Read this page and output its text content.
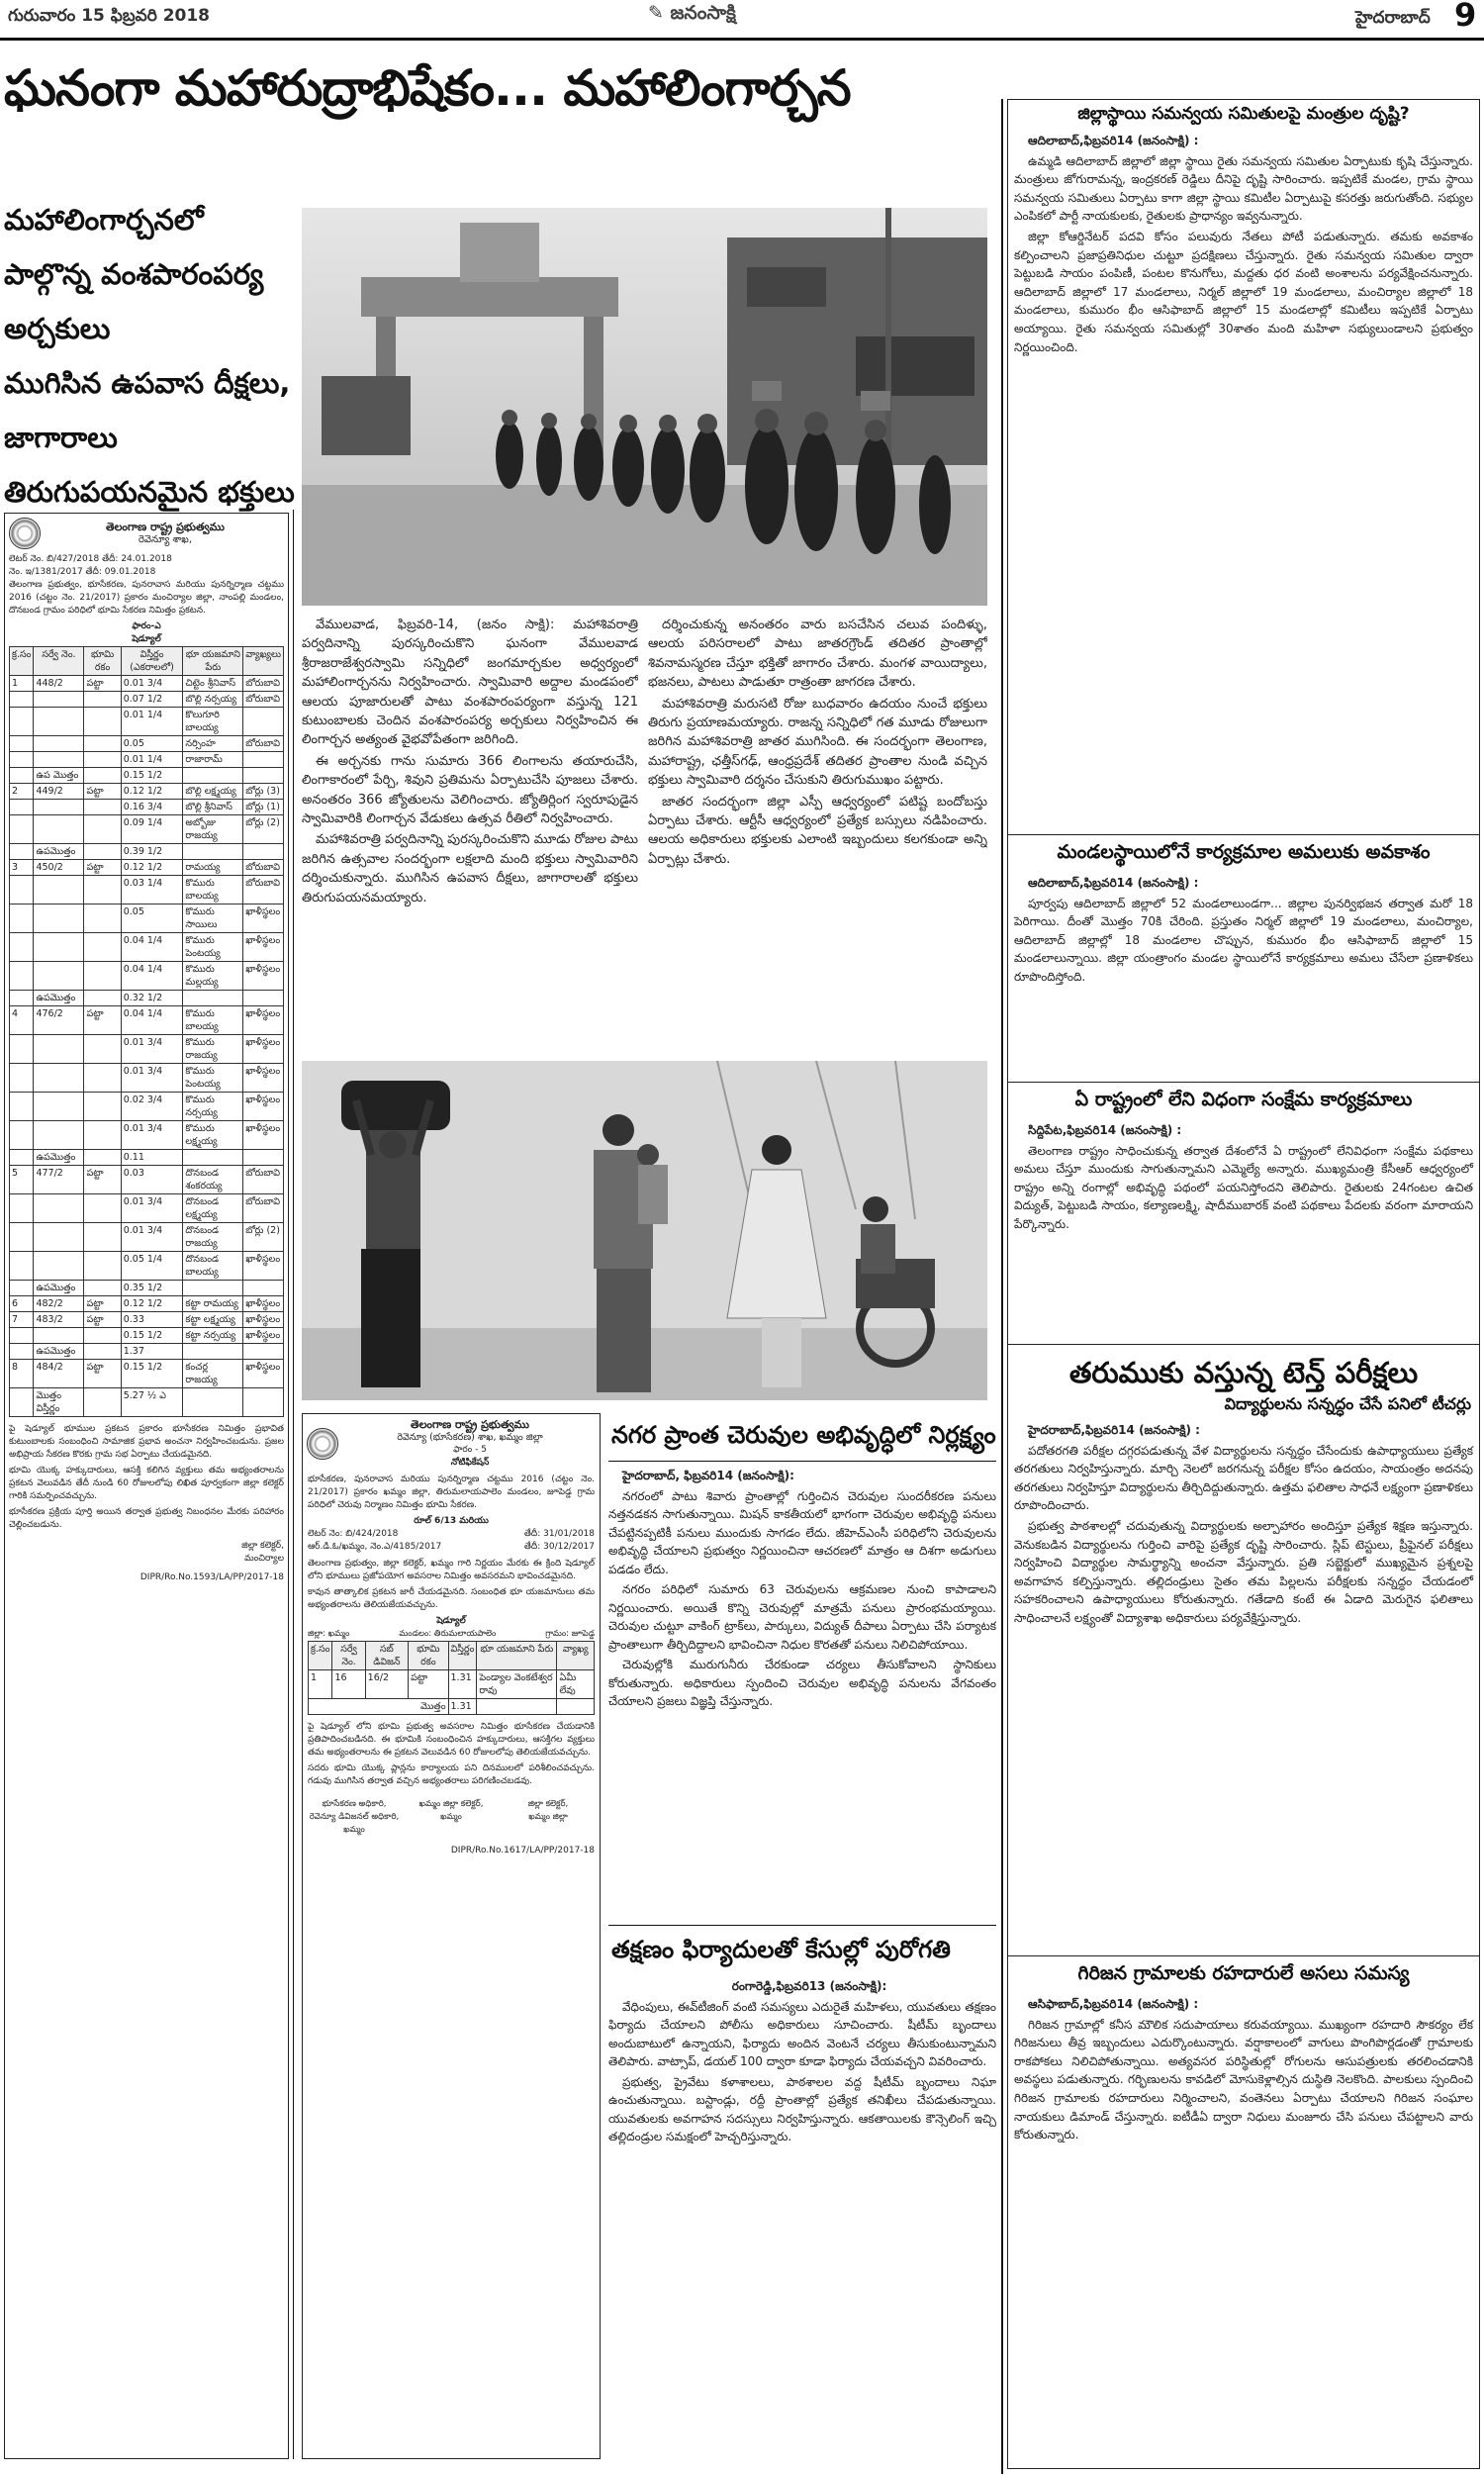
గురువారం 15 ఫిబ్రవరి 2018	✎ జనంసాక్షి	హైదరాబాద్ 9
ఘనంగా మహారుద్రాభిషేకం... మహాలింగార్చన
మహాలింగార్చనలో
పాల్గొన్న వంశపారంపర్య
అర్చకులు
ముగిసిన ఉపవాస దీక్షలు,
జాగారాలు
తిరుగుపయనమైన భక్తులు

వేములవాడ, ఫిబ్రవరి-14, (జనం సాక్షి): మహాశివరాత్రి పర్వదినాన్ని పురస్కరించుకొని ఘనంగా వేములవాడ శ్రీరాజరాజేశ్వరస్వామి సన్నిధిలో జంగమార్చకుల అధ్వర్యంలో మహాలింగార్చనను నిర్వహించారు. స్వామివారి అద్దాల మండపంలో ఆలయ పూజారులతో పాటు వంశపారంపర్యంగా వస్తున్న 121 కుటుంబాలకు చెందిన వంశపారంపర్య అర్చకులు నిర్వహించిన ఈ లింగార్చన అత్యంత వైభవోపేతంగా జరిగింది.

ఈ అర్చనకు గాను సుమారు 366 లింగాలను తయారుచేసి, లింగాకారంలో పేర్చి, శివుని ప్రతిమను ఏర్పాటుచేసి పూజలు చేశారు. అనంతరం 366 జ్యోతులను వెలిగించారు. జ్యోతిర్లింగ స్వరూపుడైన స్వామివారికి లింగార్చన వేడుకలు ఉత్సవ రీతిలో నిర్వహించారు.

మహాశివరాత్రి పర్వదినాన్ని పురస్కరించుకొని మూడు రోజుల పాటు జరిగిన ఉత్సవాల సందర్భంగా లక్షలాది మంది భక్తులు స్వామివారిని దర్శించుకున్నారు. ముగిసిన ఉపవాస దీక్షలు, జాగారాలతో భక్తులు తిరుగుపయనమయ్యారు.

దర్శించుకున్న అనంతరం వారు బసచేసిన చలువ పందిళ్ళు, ఆలయ పరిసరాలలో పాటు జాతరగ్రౌండ్ తదితర ప్రాంతాల్లో శివనామస్మరణ చేస్తూ భక్తితో జాగారం చేశారు. మంగళ వాయిద్యాలు, భజనలు, పాటలు పాడుతూ రాత్రంతా జాగరణ చేశారు.

మహాశివరాత్రి మరుసటి రోజు బుధవారం ఉదయం నుంచే భక్తులు తిరుగు ప్రయాణమయ్యారు. రాజన్న సన్నిధిలో గత మూడు రోజులుగా జరిగిన మహాశివరాత్రి జాతర ముగిసింది. ఈ సందర్భంగా తెలంగాణ, మహారాష్ట్ర, ఛత్తీస్‌గఢ్, ఆంధ్రప్రదేశ్ తదితర ప్రాంతాల నుండి వచ్చిన భక్తులు స్వామివారి దర్శనం చేసుకుని తిరుగుముఖం పట్టారు.

జాతర సందర్భంగా జిల్లా ఎస్పీ ఆధ్వర్యంలో పటిష్ట బందోబస్తు ఏర్పాటు చేశారు. ఆర్టీసీ ఆధ్వర్యంలో ప్రత్యేక బస్సులు నడిపించారు. ఆలయ అధికారులు భక్తులకు ఎలాంటి ఇబ్బందులు కలగకుండా అన్ని ఏర్పాట్లు చేశారు.

తెలంగాణ రాష్ట్ర ప్రభుత్వము
రెవెన్యూ శాఖ,
లెటర్ నెం. బి/427/2018 తేదీ: 24.01.2018
నెం. ఇ/1381/2017 తేదీ: 09.01.2018

తెలంగాణ ప్రభుత్వం, భూసేకరణ, పునరావాస మరియు పునర్నిర్మాణ చట్టము 2016 (చట్టం నెం. 21/2017) ప్రకారం మంచిర్యాల జిల్లా, నాంపల్లి మండలం, దొనబండ గ్రామం పరిధిలో భూమి సేకరణ నిమిత్తం ప్రకటన.

ఫారం-ఎ
షెడ్యూల్
క్ర.సం	సర్వే నెం.	భూమి రకం	విస్తీర్ణం (ఎకరాలలో)	భూ యజమాని పేరు	వ్యాఖ్యలు
1	448/2	పట్టా	0.01 3/4	చిట్టెం శ్రీనివాస్	బోరుబావి
			0.07 1/2	బొల్లి నర్సయ్య	బోరుబావి
			0.01 1/4	కొలుగూరి బాలయ్య	
			0.05	నర్సింహ	బోరుబావి
			0.01 1/4	రాజారామ్	
	ఉప మొత్తం		0.15 1/2		
2	449/2	పట్టా	0.12 1/2	బొల్లి లక్ష్మయ్య	బోర్లు (3)
			0.16 3/4	బొల్లి శ్రీనివాస్	బోర్లు (1)
			0.09 1/4	అబ్బోజు రాజయ్య	బోర్లు (2)
	ఉపమొత్తం		0.39 1/2		
3	450/2	పట్టా	0.12 1/2	రామయ్య	బోరుబావి
			0.03 1/4	కొమురు బాలయ్య	బోరుబావి
			0.05	కొమురు సాయిలు	ఖాళీస్థలం
			0.04 1/4	కొమురు పెంటయ్య	ఖాళీస్థలం
			0.04 1/4	కొమురు మల్లయ్య	ఖాళీస్థలం
	ఉపమొత్తం		0.32 1/2		
4	476/2	పట్టా	0.04 1/4	కొమురు బాలయ్య	ఖాళీస్థలం
			0.01 3/4	కొమురు రాజయ్య	ఖాళీస్థలం
			0.01 3/4	కొమురు పెంటయ్య	ఖాళీస్థలం
			0.02 3/4	కొమురు నర్సయ్య	ఖాళీస్థలం
			0.01 3/4	కొమురు లక్ష్మయ్య	ఖాళీస్థలం
	ఉపమొత్తం		0.11		
5	477/2	పట్టా	0.03	దొనబండ శంకరయ్య	బోరుబావి
			0.01 3/4	దొనబండ లక్ష్మయ్య	బోరుబావి
			0.01 3/4	దొనబండ రాజయ్య	బోర్లు (2)
			0.05 1/4	దొనబండ బాలయ్య	ఖాళీస్థలం
	ఉపమొత్తం		0.35 1/2		
6	482/2	పట్టా	0.12 1/2	కట్టా రామయ్య	ఖాళీస్థలం
7	483/2	పట్టా	0.33	కట్టా లక్ష్మయ్య	ఖాళీస్థలం
			0.15 1/2	కట్టా నర్సయ్య	ఖాళీస్థలం
	ఉపమొత్తం		1.37		
8	484/2	పట్టా	0.15 1/2	కంచర్ల రాజయ్య	ఖాళీస్థలం
	మొత్తం విస్తీర్ణం		5.27 ½ ఎ		

పై షెడ్యూల్ భూముల ప్రకటన ప్రకారం భూసేకరణ నిమిత్తం ప్రభావిత కుటుంబాలకు సంబంధించి సామాజిక ప్రభావ అంచనా నిర్వహించబడును. ప్రజల అభిప్రాయ సేకరణ కొరకు గ్రామ సభ ఏర్పాటు చేయడమైనది.

భూమి యొక్క హక్కుదారులు, ఆసక్తి కలిగిన వ్యక్తులు తమ అభ్యంతరాలను ప్రకటన వెలువడిన తేదీ నుండి 60 రోజులలోపు లిఖిత పూర్వకంగా జిల్లా కలెక్టర్ గారికి సమర్పించవచ్చును.

భూసేకరణ ప్రక్రియ పూర్తి అయిన తర్వాత ప్రభుత్వ నిబంధనల మేరకు పరిహారం చెల్లించబడును.

జిల్లా కలెక్టర్,
మంచిర్యాల
DIPR/Ro.No.1593/LA/PP/2017-18
తెలంగాణ రాష్ట్ర ప్రభుత్వము
రెవెన్యూ (భూసేకరణ) శాఖ, ఖమ్మం జిల్లా
ఫారం - 5
నోటిఫికేషన్

భూసేకరణ, పునరావాస మరియు పునర్నిర్మాణ చట్టము 2016 (చట్టం నెం. 21/2017) ప్రకారం ఖమ్మం జిల్లా, తిరుమలాయపాలెం మండలం, జూపెడ్డ గ్రామ పరిధిలో చెరువు నిర్మాణం నిమిత్తం భూమి సేకరణ.

రూల్ 6/13 మరియు
లెటర్ నెం: బి/424/2018	తేదీ: 31/01/2018
ఆర్.డి.ఓ/ఖమ్మం, నెం.ఎ/4185/2017	తేదీ: 30/12/2017

తెలంగాణ ప్రభుత్వం, జిల్లా కలెక్టర్, ఖమ్మం గారి నిర్ణయం మేరకు ఈ క్రింది షెడ్యూల్ లోని భూములు ప్రజోపయోగ అవసరాల నిమిత్తం అవసరమని భావించడమైనది.

కావున తాత్కాలిక ప్రకటన జారీ చేయడమైనది. సంబంధిత భూ యజమానులు తమ అభ్యంతరాలను తెలియజేయవచ్చును.

షెడ్యూల్
జిల్లా: ఖమ్మం	మండలం: తిరుమలాయపాలెం	గ్రామం: జూపెడ్డ
క్ర.సం	సర్వే నెం.	సబ్ డివిజన్	భూమి రకం	విస్తీర్ణం	భూ యజమాని పేరు	వ్యాఖ్య
1	16	16/2	పట్టా	1.31	పెండ్యాల వెంకటేశ్వర రావు	ఏమీ లేవు
మొత్తం				1.31		

పై షెడ్యూల్ లోని భూమి ప్రభుత్వ అవసరాల నిమిత్తం భూసేకరణ చేయడానికి ప్రతిపాదించబడినది. ఈ భూమికి సంబంధించిన హక్కుదారులు, ఆసక్తిగల వ్యక్తులు తమ అభ్యంతరాలను ఈ ప్రకటన వెలువడిన 60 రోజులలోపు తెలియజేయవచ్చును.

సదరు భూమి యొక్క ప్లాన్లను కార్యాలయ పని దినములలో పరిశీలించవచ్చును. గడువు ముగిసిన తర్వాత వచ్చిన అభ్యంతరాలు పరిగణించబడవు.

భూసేకరణ అధికారి,
రెవెన్యూ డివిజనల్ అధికారి, ఖమ్మం
ఖమ్మం జిల్లా కలెక్టర్,
ఖమ్మం
జిల్లా కలెక్టర్,
ఖమ్మం జిల్లా
DIPR/Ro.No.1617/LA/PP/2017-18
నగర ప్రాంత చెరువుల అభివృద్ధిలో నిర్లక్ష్యం

హైదరాబాద్, ఫిబ్రవరి14 (జనంసాక్షి):

నగరంలో పాటు శివారు ప్రాంతాల్లో గుర్తించిన చెరువుల సుందరీకరణ పనులు నత్తనడకన సాగుతున్నాయి. మిషన్ కాకతీయలో భాగంగా చెరువుల అభివృద్ధి పనులు చేపట్టినప్పటికీ పనులు ముందుకు సాగడం లేదు. జీహెచ్ఎంసీ పరిధిలోని చెరువులను అభివృద్ధి చేయాలని ప్రభుత్వం నిర్ణయించినా ఆచరణలో మాత్రం ఆ దిశగా అడుగులు పడడం లేదు.

నగరం పరిధిలో సుమారు 63 చెరువులను ఆక్రమణల నుంచి కాపాడాలని నిర్ణయించారు. అయితే కొన్ని చెరువుల్లో మాత్రమే పనులు ప్రారంభమయ్యాయి. చెరువుల చుట్టూ వాకింగ్ ట్రాక్‌లు, పార్కులు, విద్యుత్ దీపాలు ఏర్పాటు చేసి పర్యాటక ప్రాంతాలుగా తీర్చిదిద్దాలని భావించినా నిధుల కొరతతో పనులు నిలిచిపోయాయి.

చెరువుల్లోకి మురుగునీరు చేరకుండా చర్యలు తీసుకోవాలని స్థానికులు కోరుతున్నారు. అధికారులు స్పందించి చెరువుల అభివృద్ధి పనులను వేగవంతం చేయాలని ప్రజలు విజ్ఞప్తి చేస్తున్నారు.

తక్షణం ఫిర్యాదులతో కేసుల్లో పురోగతి

రంగారెడ్డి,ఫిబ్రవరి13 (జనంసాక్షి):

వేధింపులు, ఈవ్‌టీజింగ్ వంటి సమస్యలు ఎదురైతే మహిళలు, యువతులు తక్షణం ఫిర్యాదు చేయాలని పోలీసు అధికారులు సూచించారు. షీటీమ్ బృందాలు అందుబాటులో ఉన్నాయని, ఫిర్యాదు అందిన వెంటనే చర్యలు తీసుకుంటున్నామని తెలిపారు. వాట్సాప్, డయల్ 100 ద్వారా కూడా ఫిర్యాదు చేయవచ్చని వివరించారు.

ప్రభుత్వ, ప్రైవేటు కళాశాలలు, పాఠశాలల వద్ద షీటీమ్ బృందాలు నిఘా ఉంచుతున్నాయి. బస్టాండ్లు, రద్దీ ప్రాంతాల్లో ప్రత్యేక తనిఖీలు చేపడుతున్నాయి. యువతులకు అవగాహన సదస్సులు నిర్వహిస్తున్నారు. ఆకతాయిలకు కౌన్సెలింగ్ ఇచ్చి తల్లిదండ్రుల సమక్షంలో హెచ్చరిస్తున్నారు.

జిల్లాస్థాయి సమన్వయ సమితులపై మంత్రుల దృష్టి?

ఆదిలాబాద్,ఫిబ్రవరి14 (జనంసాక్షి) :

ఉమ్మడి ఆదిలాబాద్ జిల్లాలో జిల్లా స్థాయి రైతు సమన్వయ సమితుల ఏర్పాటుకు కృషి చేస్తున్నారు. మంత్రులు జోగురామన్న, ఇంద్రకరణ్ రెడ్డిలు దీనిపై దృష్టి సారించారు. ఇప్పటికే మండల, గ్రామ స్థాయి సమన్వయ సమితులు ఏర్పాటు కాగా జిల్లా స్థాయి కమిటీల ఏర్పాటుపై కసరత్తు జరుగుతోంది. సభ్యుల ఎంపికలో పార్టీ నాయకులకు, రైతులకు ప్రాధాన్యం ఇవ్వనున్నారు.

జిల్లా కోఆర్డినేటర్ పదవి కోసం పలువురు నేతలు పోటీ పడుతున్నారు. తమకు అవకాశం కల్పించాలని ప్రజాప్రతినిధుల చుట్టూ ప్రదక్షిణలు చేస్తున్నారు. రైతు సమన్వయ సమితుల ద్వారా పెట్టుబడి సాయం పంపిణీ, పంటల కొనుగోలు, మద్దతు ధర వంటి అంశాలను పర్యవేక్షించనున్నారు. ఆదిలాబాద్ జిల్లాలో 17 మండలాలు, నిర్మల్ జిల్లాలో 19 మండలాలు, మంచిర్యాల జిల్లాలో 18 మండలాలు, కుమురం భీం ఆసిఫాబాద్ జిల్లాలో 15 మండలాల్లో కమిటీలు ఇప్పటికే ఏర్పాటు అయ్యాయి. రైతు సమన్వయ సమితుల్లో 30శాతం మంది మహిళా సభ్యులుండాలని ప్రభుత్వం నిర్ణయించింది.

మండలస్థాయిలోనే కార్యక్రమాల అమలుకు అవకాశం

ఆదిలాబాద్,ఫిబ్రవరి14 (జనంసాక్షి) :

పూర్వపు ఆదిలాబాద్ జిల్లాలో 52 మండలాలుండగా... జిల్లాల పునర్విభజన తర్వాత మరో 18 పెరిగాయి. దీంతో మొత్తం 70కి చేరింది. ప్రస్తుతం నిర్మల్ జిల్లాలో 19 మండలాలు, మంచిర్యాల, ఆదిలాబాద్ జిల్లాల్లో 18 మండలాల చొప్పున, కుమురం భీం ఆసిఫాబాద్ జిల్లాలో 15 మండలాలున్నాయి. జిల్లా యంత్రాంగం మండల స్థాయిలోనే కార్యక్రమాలు అమలు చేసేలా ప్రణాళికలు రూపొందిస్తోంది.

ఏ రాష్ట్రంలో లేని విధంగా సంక్షేమ కార్యక్రమాలు

సిద్దిపేట,ఫిబ్రవరి14 (జనంసాక్షి) :

తెలంగాణ రాష్ట్రం సాధించుకున్న తర్వాత దేశంలోనే ఏ రాష్ట్రంలో లేనివిధంగా సంక్షేమ పథకాలు అమలు చేస్తూ ముందుకు సాగుతున్నామని ఎమ్మెల్యే అన్నారు. ముఖ్యమంత్రి కేసీఆర్ ఆధ్వర్యంలో రాష్ట్రం అన్ని రంగాల్లో అభివృద్ధి పథంలో పయనిస్తోందని తెలిపారు. రైతులకు 24గంటల ఉచిత విద్యుత్, పెట్టుబడి సాయం, కల్యాణలక్ష్మి, షాదీముబారక్ వంటి పథకాలు పేదలకు వరంగా మారాయని పేర్కొన్నారు.

తరుముకు వస్తున్న టెన్త్ పరీక్షలు
విద్యార్థులను సన్నద్ధం చేసే పనిలో టీచర్లు

హైదరాబాద్,ఫిబ్రవరి14 (జనంసాక్షి) :

పదోతరగతి పరీక్షల దగ్గరపడుతున్న వేళ విద్యార్థులను సన్నద్ధం చేసేందుకు ఉపాధ్యాయులు ప్రత్యేక తరగతులు నిర్వహిస్తున్నారు. మార్చి నెలలో జరగనున్న పరీక్షల కోసం ఉదయం, సాయంత్రం అదనపు తరగతులు నిర్వహిస్తూ విద్యార్థులను తీర్చిదిద్దుతున్నారు. ఉత్తమ ఫలితాల సాధనే లక్ష్యంగా ప్రణాళికలు రూపొందించారు.

ప్రభుత్వ పాఠశాలల్లో చదువుతున్న విద్యార్థులకు అల్పాహారం అందిస్తూ ప్రత్యేక శిక్షణ ఇస్తున్నారు. వెనుకబడిన విద్యార్థులను గుర్తించి వారిపై ప్రత్యేక దృష్టి సారించారు. స్లిప్ టెస్టులు, ప్రీఫైనల్ పరీక్షలు నిర్వహించి విద్యార్థుల సామర్థ్యాన్ని అంచనా వేస్తున్నారు. ప్రతి సబ్జెక్టులో ముఖ్యమైన ప్రశ్నలపై అవగాహన కల్పిస్తున్నారు. తల్లిదండ్రులు సైతం తమ పిల్లలను పరీక్షలకు సన్నద్ధం చేయడంలో సహకరించాలని ఉపాధ్యాయులు కోరుతున్నారు. గతేడాది కంటే ఈ ఏడాది మెరుగైన ఫలితాలు సాధించాలనే లక్ష్యంతో విద్యాశాఖ అధికారులు పర్యవేక్షిస్తున్నారు.

గిరిజన గ్రామాలకు రహదారులే అసలు సమస్య

ఆసిఫాబాద్,ఫిబ్రవరి14 (జనంసాక్షి) :

గిరిజన గ్రామాల్లో కనీస మౌలిక సదుపాయాలు కరువయ్యాయి. ముఖ్యంగా రహదారి సౌకర్యం లేక గిరిజనులు తీవ్ర ఇబ్బందులు ఎదుర్కొంటున్నారు. వర్షాకాలంలో వాగులు పొంగిపొర్లడంతో గ్రామాలకు రాకపోకలు నిలిచిపోతున్నాయి. అత్యవసర పరిస్థితుల్లో రోగులను ఆసుపత్రులకు తరలించడానికి అవస్థలు పడుతున్నారు. గర్భిణులను కావడిలో మోసుకెళ్లాల్సిన దుస్థితి నెలకొంది. పాలకులు స్పందించి గిరిజన గ్రామాలకు రహదారులు నిర్మించాలని, వంతెనలు ఏర్పాటు చేయాలని గిరిజన సంఘాల నాయకులు డిమాండ్ చేస్తున్నారు. ఐటీడీఏ ద్వారా నిధులు మంజూరు చేసి పనులు చేపట్టాలని వారు కోరుతున్నారు.
